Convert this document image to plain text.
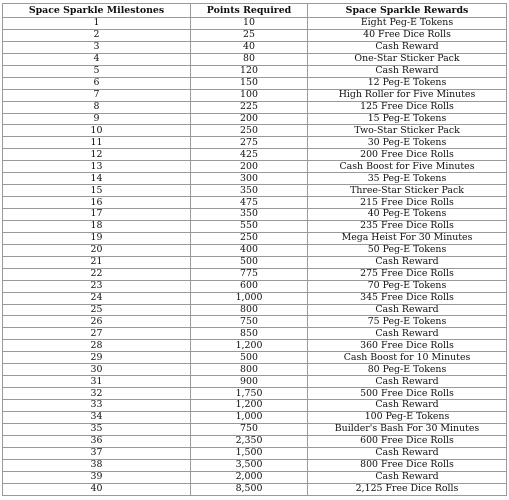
Space Sparkle Milestones	Points Required	Space Sparkle Rewards
1	10	Eight Peg-E Tokens
2	25	40 Free Dice Rolls
3	40	Cash Reward
4	80	One-Star Sticker Pack
5	120	Cash Reward
6	150	12 Peg-E Tokens
7	100	High Roller for Five Minutes
8	225	125 Free Dice Rolls
9	200	15 Peg-E Tokens
10	250	Two-Star Sticker Pack
11	275	30 Peg-E Tokens
12	425	200 Free Dice Rolls
13	200	Cash Boost for Five Minutes
14	300	35 Peg-E Tokens
15	350	Three-Star Sticker Pack
16	475	215 Free Dice Rolls
17	350	40 Peg-E Tokens
18	550	235 Free Dice Rolls
19	250	Mega Heist For 30 Minutes
20	400	50 Peg-E Tokens
21	500	Cash Reward
22	775	275 Free Dice Rolls
23	600	70 Peg-E Tokens
24	1,000	345 Free Dice Rolls
25	800	Cash Reward
26	750	75 Peg-E Tokens
27	850	Cash Reward
28	1,200	360 Free Dice Rolls
29	500	Cash Boost for 10 Minutes
30	800	80 Peg-E Tokens
31	900	Cash Reward
32	1,750	500 Free Dice Rolls
33	1,200	Cash Reward
34	1,000	100 Peg-E Tokens
35	750	Builder's Bash For 30 Minutes
36	2,350	600 Free Dice Rolls
37	1,500	Cash Reward
38	3,500	800 Free Dice Rolls
39	2,000	Cash Reward
40	8,500	2,125 Free Dice Rolls
